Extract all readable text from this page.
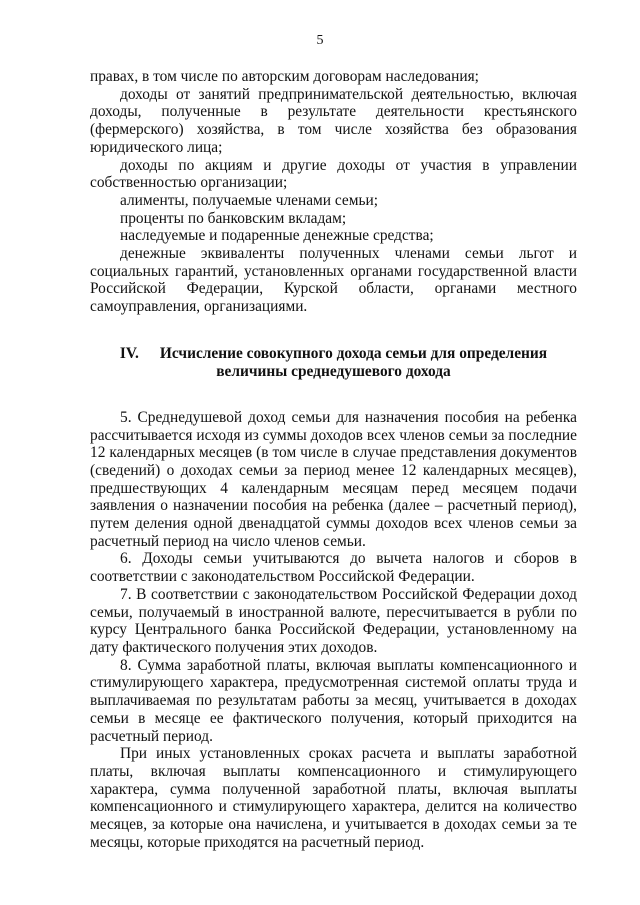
5

правах, в том числе по авторским договорам наследования;

доходы от занятий предпринимательской деятельностью, включая доходы, полученные в результате деятельности крестьянского (фермерского) хозяйства, в том числе хозяйства без образования юридического лица;

доходы по акциям и другие доходы от участия в управлении собственностью организации;

алименты, получаемые членами семьи;

проценты по банковским вкладам;

наследуемые и подаренные денежные средства;

денежные эквиваленты полученных членами семьи льгот и социальных гарантий, установленных органами государственной власти Российской Федерации, Курской области, органами местного самоуправления, организациями.

IV. Исчисление совокупного дохода семьи для определения
величины среднедушевого дохода

5. Среднедушевой доход семьи для назначения пособия на ребенка рассчитывается исходя из суммы доходов всех членов семьи за последние 12 календарных месяцев (в том числе в случае представления документов (сведений) о доходах семьи за период менее 12 календарных месяцев), предшествующих 4 календарным месяцам перед месяцем подачи заявления о назначении пособия на ребенка (далее – расчетный период), путем деления одной двенадцатой суммы доходов всех членов семьи за расчетный период на число членов семьи.

6. Доходы семьи учитываются до вычета налогов и сборов в соответствии с законодательством Российской Федерации.

7. В соответствии с законодательством Российской Федерации доход семьи, получаемый в иностранной валюте, пересчитывается в рубли по курсу Центрального банка Российской Федерации, установленному на дату фактического получения этих доходов.

8. Сумма заработной платы, включая выплаты компенсационного и стимулирующего характера, предусмотренная системой оплаты труда и выплачиваемая по результатам работы за месяц, учитывается в доходах семьи в месяце ее фактического получения, который приходится на расчетный период.

При иных установленных сроках расчета и выплаты заработной платы, включая выплаты компенсационного и стимулирующего характера, сумма полученной заработной платы, включая выплаты компенсационного и стимулирующего характера, делится на количество месяцев, за которые она начислена, и учитывается в доходах семьи за те месяцы, которые приходятся на расчетный период.
